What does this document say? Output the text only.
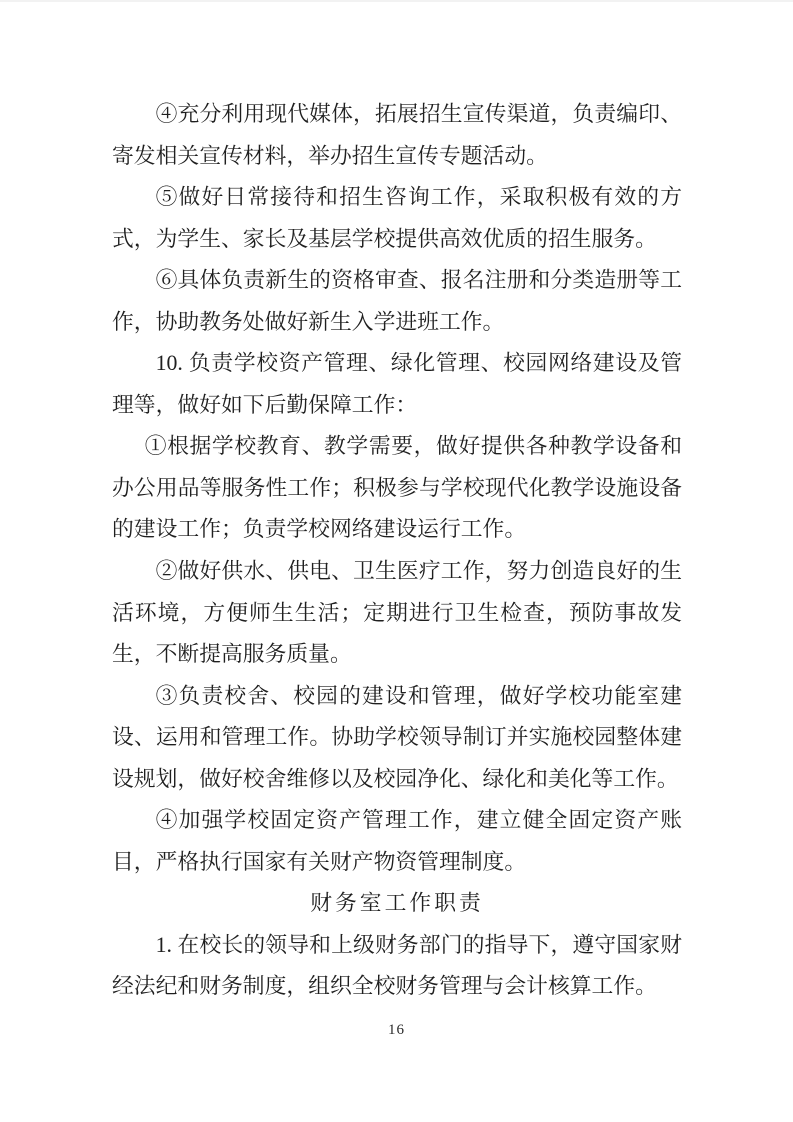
④充分利用现代媒体，拓展招生宣传渠道，负责编印、寄发相关宣传材料，举办招生宣传专题活动。

⑤做好日常接待和招生咨询工作，采取积极有效的方式，为学生、家长及基层学校提供高效优质的招生服务。

⑥具体负责新生的资格审查、报名注册和分类造册等工作，协助教务处做好新生入学进班工作。

10. 负责学校资产管理、绿化管理、校园网络建设及管理等，做好如下后勤保障工作：

①根据学校教育、教学需要，做好提供各种教学设备和办公用品等服务性工作；积极参与学校现代化教学设施设备的建设工作；负责学校网络建设运行工作。

②做好供水、供电、卫生医疗工作，努力创造良好的生活环境，方便师生生活；定期进行卫生检查，预防事故发生，不断提高服务质量。

③负责校舍、校园的建设和管理，做好学校功能室建设、运用和管理工作。协助学校领导制订并实施校园整体建设规划，做好校舍维修以及校园净化、绿化和美化等工作。

④加强学校固定资产管理工作，建立健全固定资产账目，严格执行国家有关财产物资管理制度。

财务室工作职责

1. 在校长的领导和上级财务部门的指导下，遵守国家财经法纪和财务制度，组织全校财务管理与会计核算工作。

16
